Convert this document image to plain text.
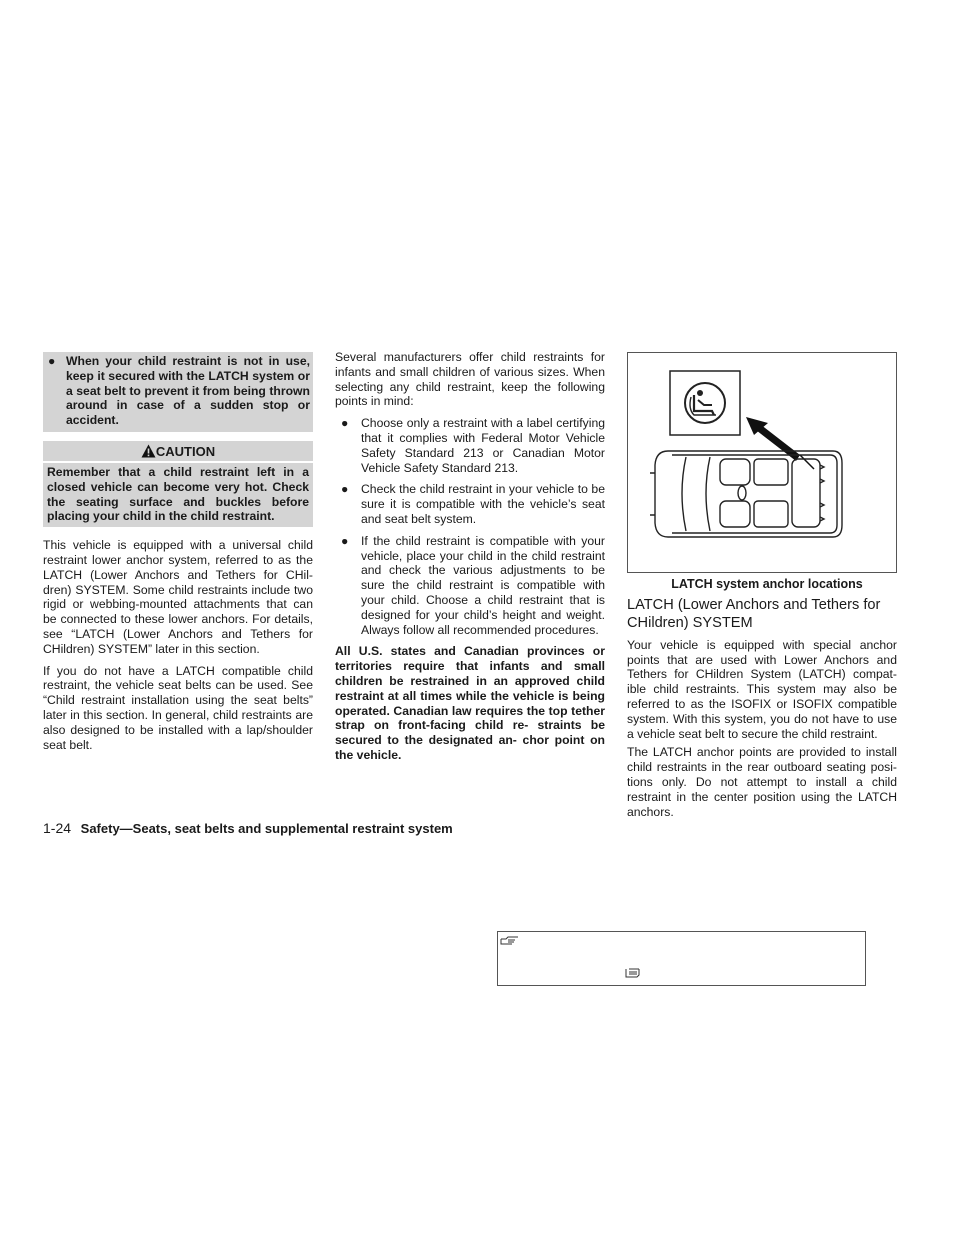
● When your child restraint is not in use, keep it secured with the LATCH system or a seat belt to prevent it from being thrown around in case of a sudden stop or accident.
CAUTION
Remember that a child restraint left in a closed vehicle can become very hot. Check the seating surface and buckles before placing your child in the child restraint.

This vehicle is equipped with a universal child restraint lower anchor system, referred to as the LATCH (Lower Anchors and Tethers for CHil- dren) SYSTEM. Some child restraints include two rigid or webbing-mounted attachments that can be connected to these lower anchors. For details, see “LATCH (Lower Anchors and Tethers for CHildren) SYSTEM” later in this section.

If you do not have a LATCH compatible child restraint, the vehicle seat belts can be used. See “Child restraint installation using the seat belts” later in this section. In general, child restraints are also designed to be installed with a lap/shoulder seat belt.

Several manufacturers offer child restraints for infants and small children of various sizes. When selecting any child restraint, keep the following points in mind:

●	Choose only a restraint with a label certifying that it complies with Federal Motor Vehicle Safety Standard 213 or Canadian Motor Vehicle Safety Standard 213.
●	Check the child restraint in your vehicle to be sure it is compatible with the vehicle’s seat and seat belt system.
●	If the child restraint is compatible with your vehicle, place your child in the child restraint and check the various adjustments to be sure the child restraint is compatible with your child. Choose a child restraint that is designed for your child’s height and weight. Always follow all recommended procedures.

All U.S. states and Canadian provinces or territories require that infants and small children be restrained in an approved child restraint at all times while the vehicle is being operated. Canadian law requires the top tether strap on front-facing child re- straints be secured to the designated an- chor point on the vehicle.

LATCH system anchor locations
LATCH (Lower Anchors and Tethers for CHildren) SYSTEM

Your vehicle is equipped with special anchor points that are used with Lower Anchors and Tethers for CHildren System (LATCH) compat- ible child restraints. This system may also be referred to as the ISOFIX or ISOFIX compatible system. With this system, you do not have to use a vehicle seat belt to secure the child restraint.

The LATCH anchor points are provided to install child restraints in the rear outboard seating posi- tions only. Do not attempt to install a child restraint in the center position using the LATCH anchors.

1-24 Safety—Seats, seat belts and supplemental restraint system
